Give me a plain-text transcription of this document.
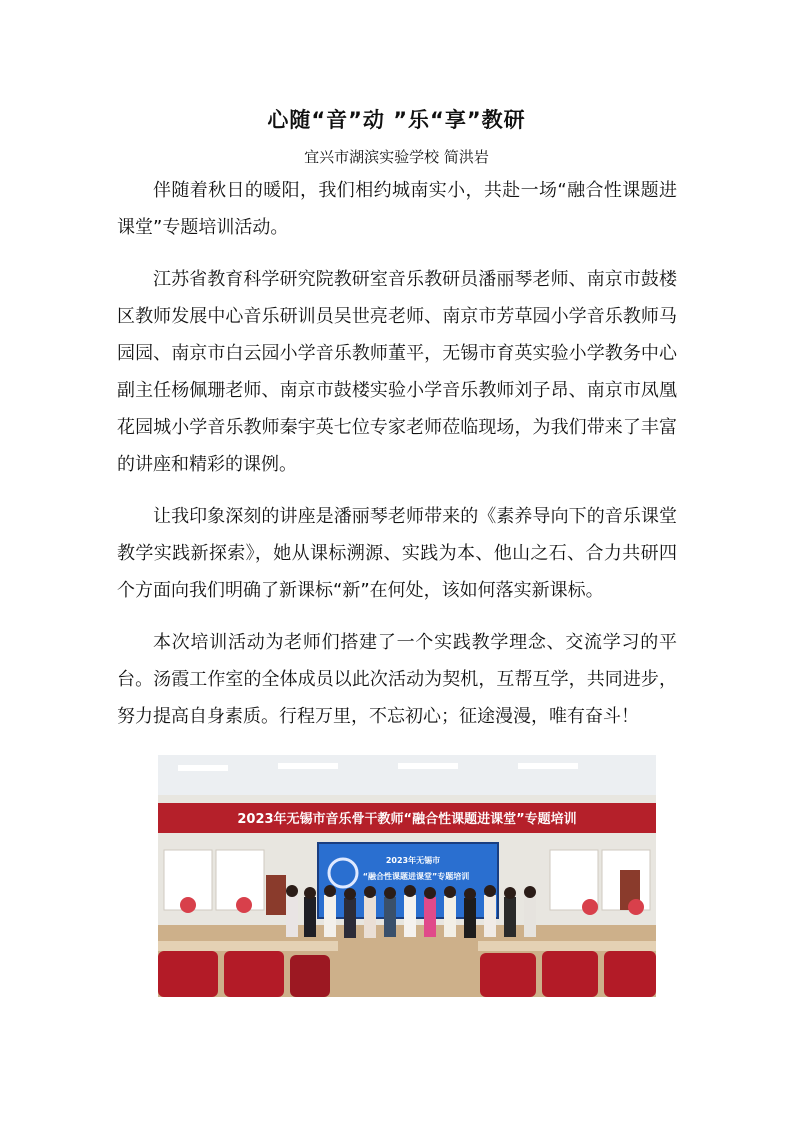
心随“音”动 ”乐“享”教研
宜兴市湖滨实验学校 简洪岩

伴随着秋日的暖阳，我们相约城南实小，共赴一场“融合性课题进课堂”专题培训活动。

江苏省教育科学研究院教研室音乐教研员潘丽琴老师、南京市鼓楼区教师发展中心音乐研训员吴世亮老师、南京市芳草园小学音乐教师马园园、南京市白云园小学音乐教师董平，无锡市育英实验小学教务中心副主任杨佩珊老师、南京市鼓楼实验小学音乐教师刘子昂、南京市凤凰花园城小学音乐教师秦宇英七位专家老师莅临现场，为我们带来了丰富的讲座和精彩的课例。

让我印象深刻的讲座是潘丽琴老师带来的《素养导向下的音乐课堂教学实践新探索》，她从课标溯源、实践为本、他山之石、合力共研四个方面向我们明确了新课标“新”在何处，该如何落实新课标。

本次培训活动为老师们搭建了一个实践教学理念、交流学习的平台。汤霞工作室的全体成员以此次活动为契机，互帮互学，共同进步，努力提高自身素质。行程万里，不忘初心；征途漫漫，唯有奋斗！

2023年无锡市音乐骨干教师“融合性课题进课堂”专题培训
2023年无锡市
“融合性课题进课堂”专题培训
